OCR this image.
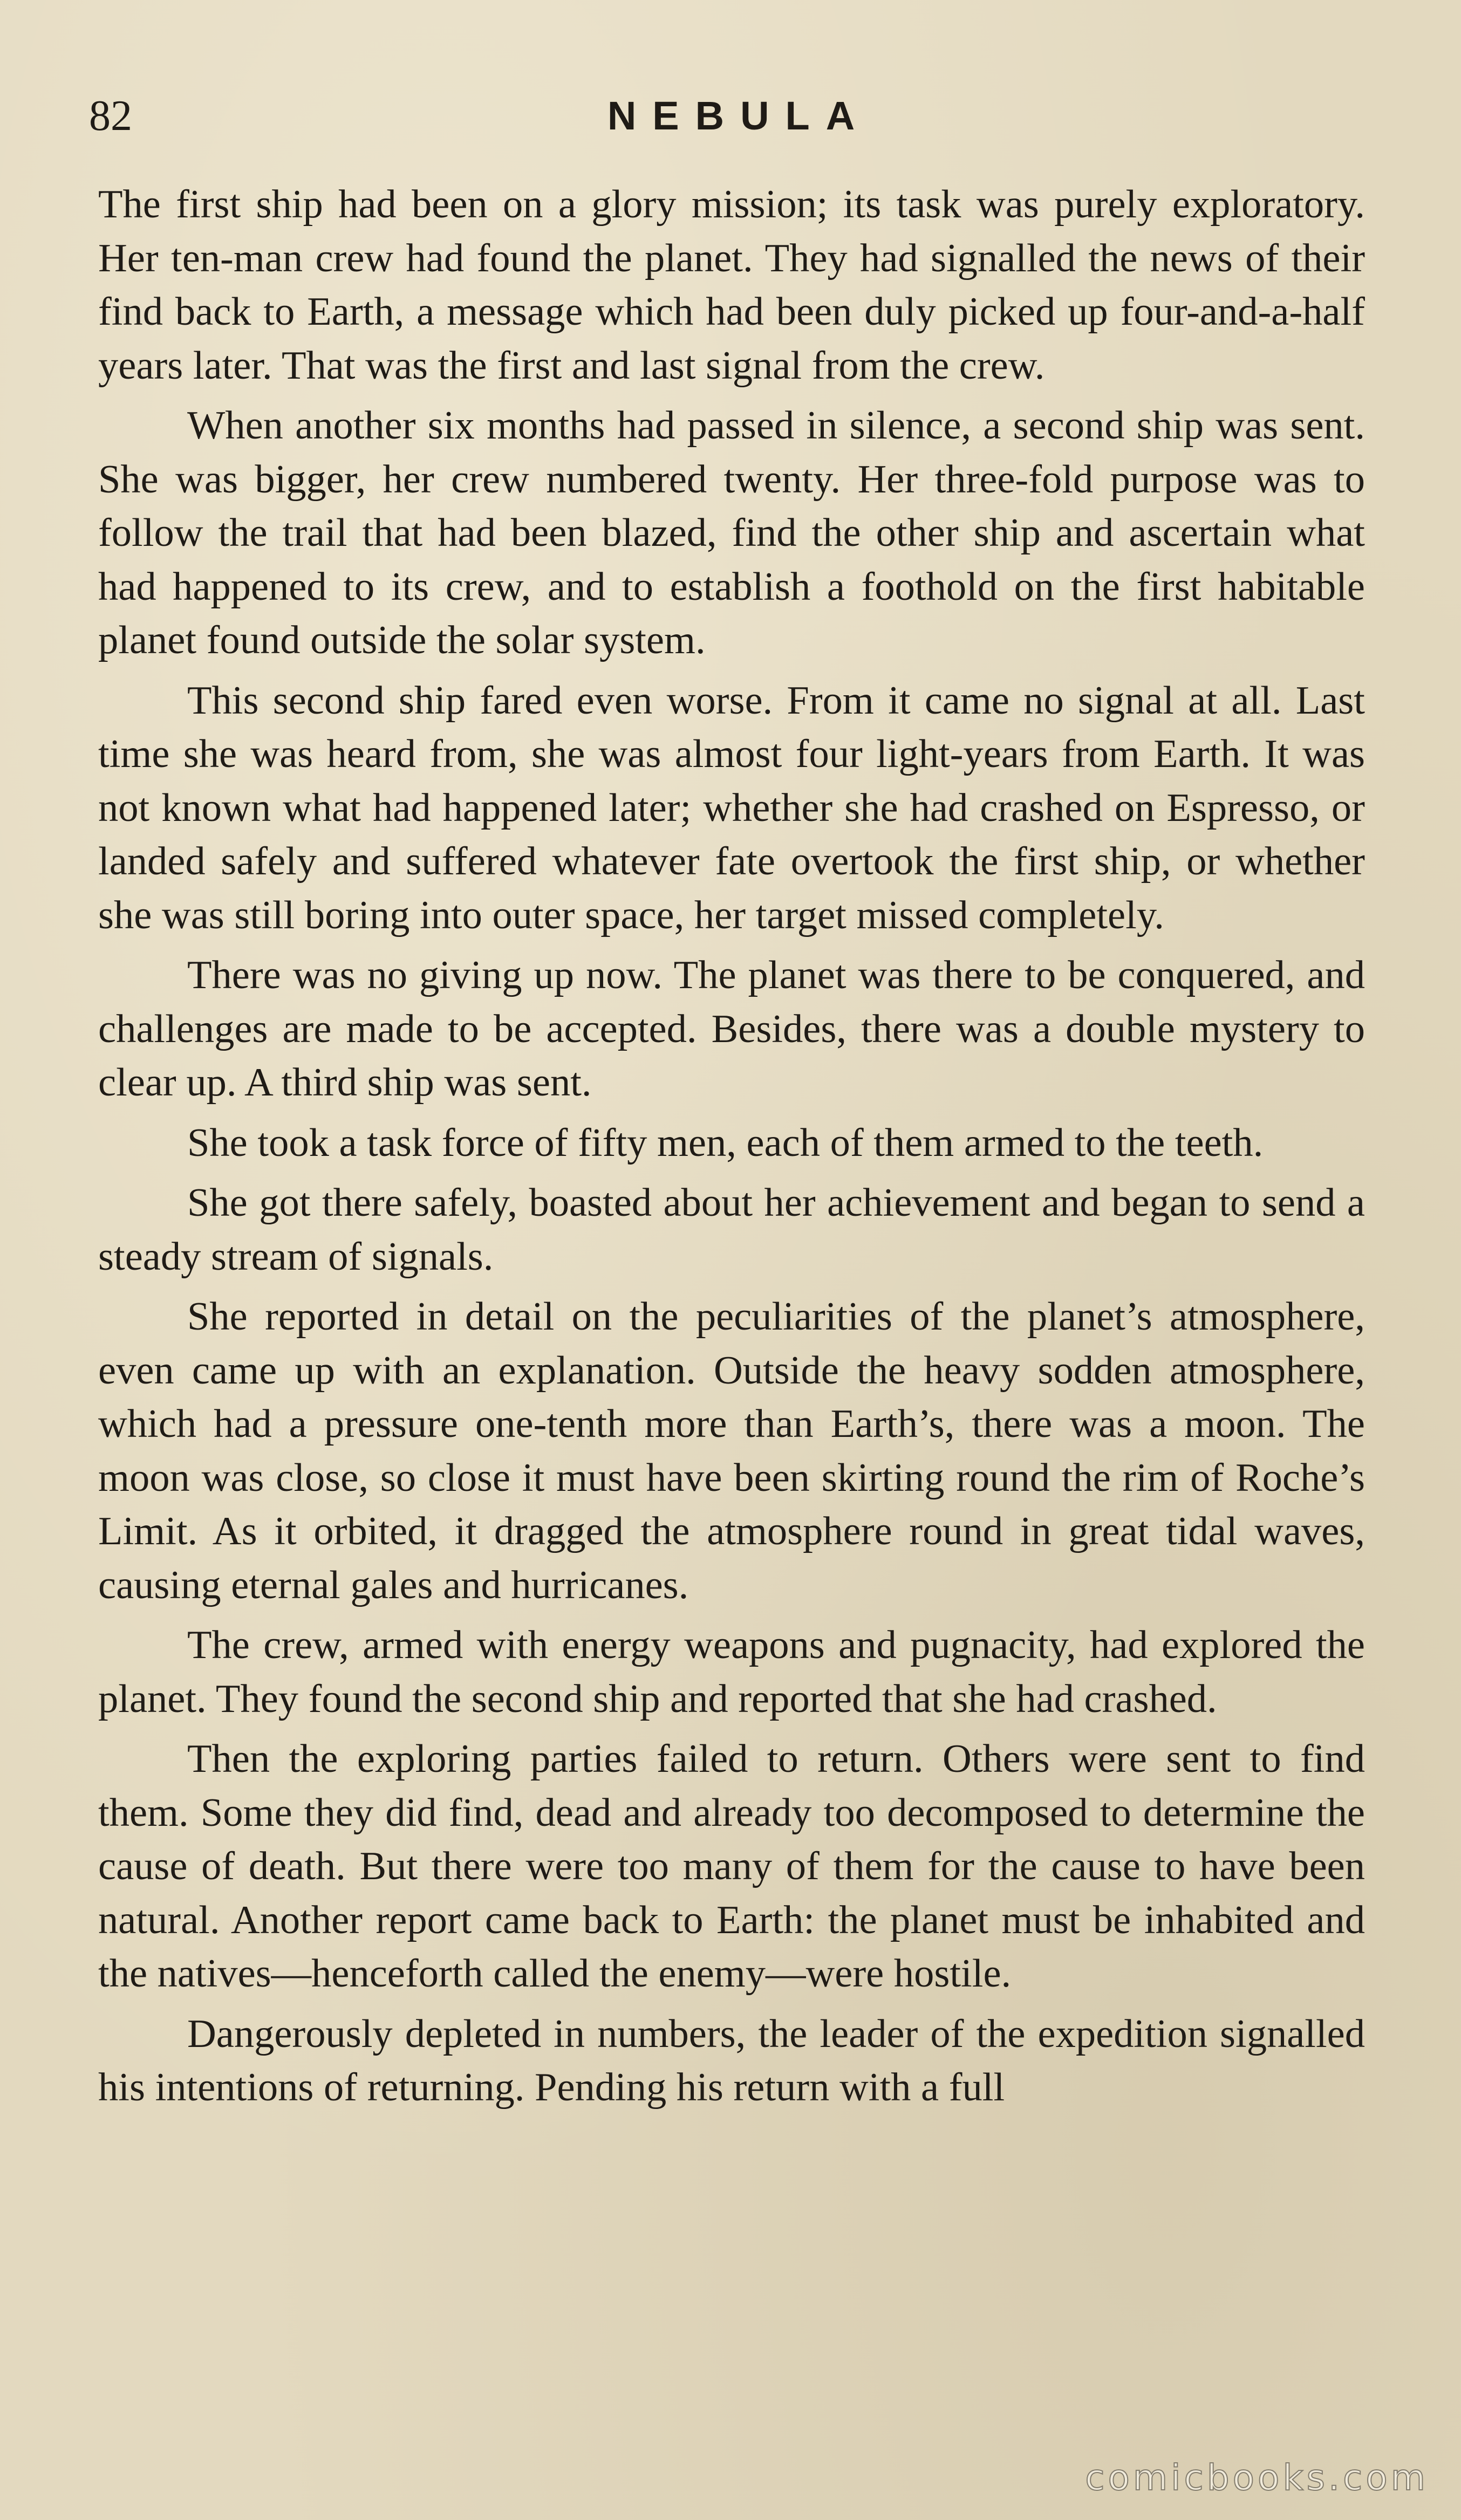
82	NEBULA

The first ship had been on a glory mission; its task was purely exploratory. Her ten-man crew had found the planet. They had signalled the news of their find back to Earth, a message which had been duly picked up four-and-a-half years later. That was the first and last signal from the crew.

When another six months had passed in silence, a second ship was sent. She was bigger, her crew numbered twenty. Her three-fold purpose was to follow the trail that had been blazed, find the other ship and ascertain what had happened to its crew, and to establish a foothold on the first habitable planet found outside the solar system.

This second ship fared even worse. From it came no signal at all. Last time she was heard from, she was almost four light-years from Earth. It was not known what had happened later; whether she had crashed on Espresso, or landed safely and suffered whatever fate overtook the first ship, or whether she was still boring into outer space, her target missed completely.

There was no giving up now. The planet was there to be conquered, and challenges are made to be accepted. Besides, there was a double mystery to clear up. A third ship was sent.

She took a task force of fifty men, each of them armed to the teeth.

She got there safely, boasted about her achievement and began to send a steady stream of signals.

She reported in detail on the peculiarities of the planet’s atmosphere, even came up with an explanation. Outside the heavy sodden atmosphere, which had a pressure one-tenth more than Earth’s, there was a moon. The moon was close, so close it must have been skirting round the rim of Roche’s Limit. As it orbited, it dragged the atmosphere round in great tidal waves, causing eternal gales and hurricanes.

The crew, armed with energy weapons and pugnacity, had explored the planet. They found the second ship and reported that she had crashed.

Then the exploring parties failed to return. Others were sent to find them. Some they did find, dead and already too decomposed to determine the cause of death. But there were too many of them for the cause to have been natural. Another report came back to Earth: the planet must be inhabited and the natives—henceforth called the enemy—were hostile.

Dangerously depleted in numbers, the leader of the expedition signalled his intentions of returning. Pending his return with a full

comicbooks.com
